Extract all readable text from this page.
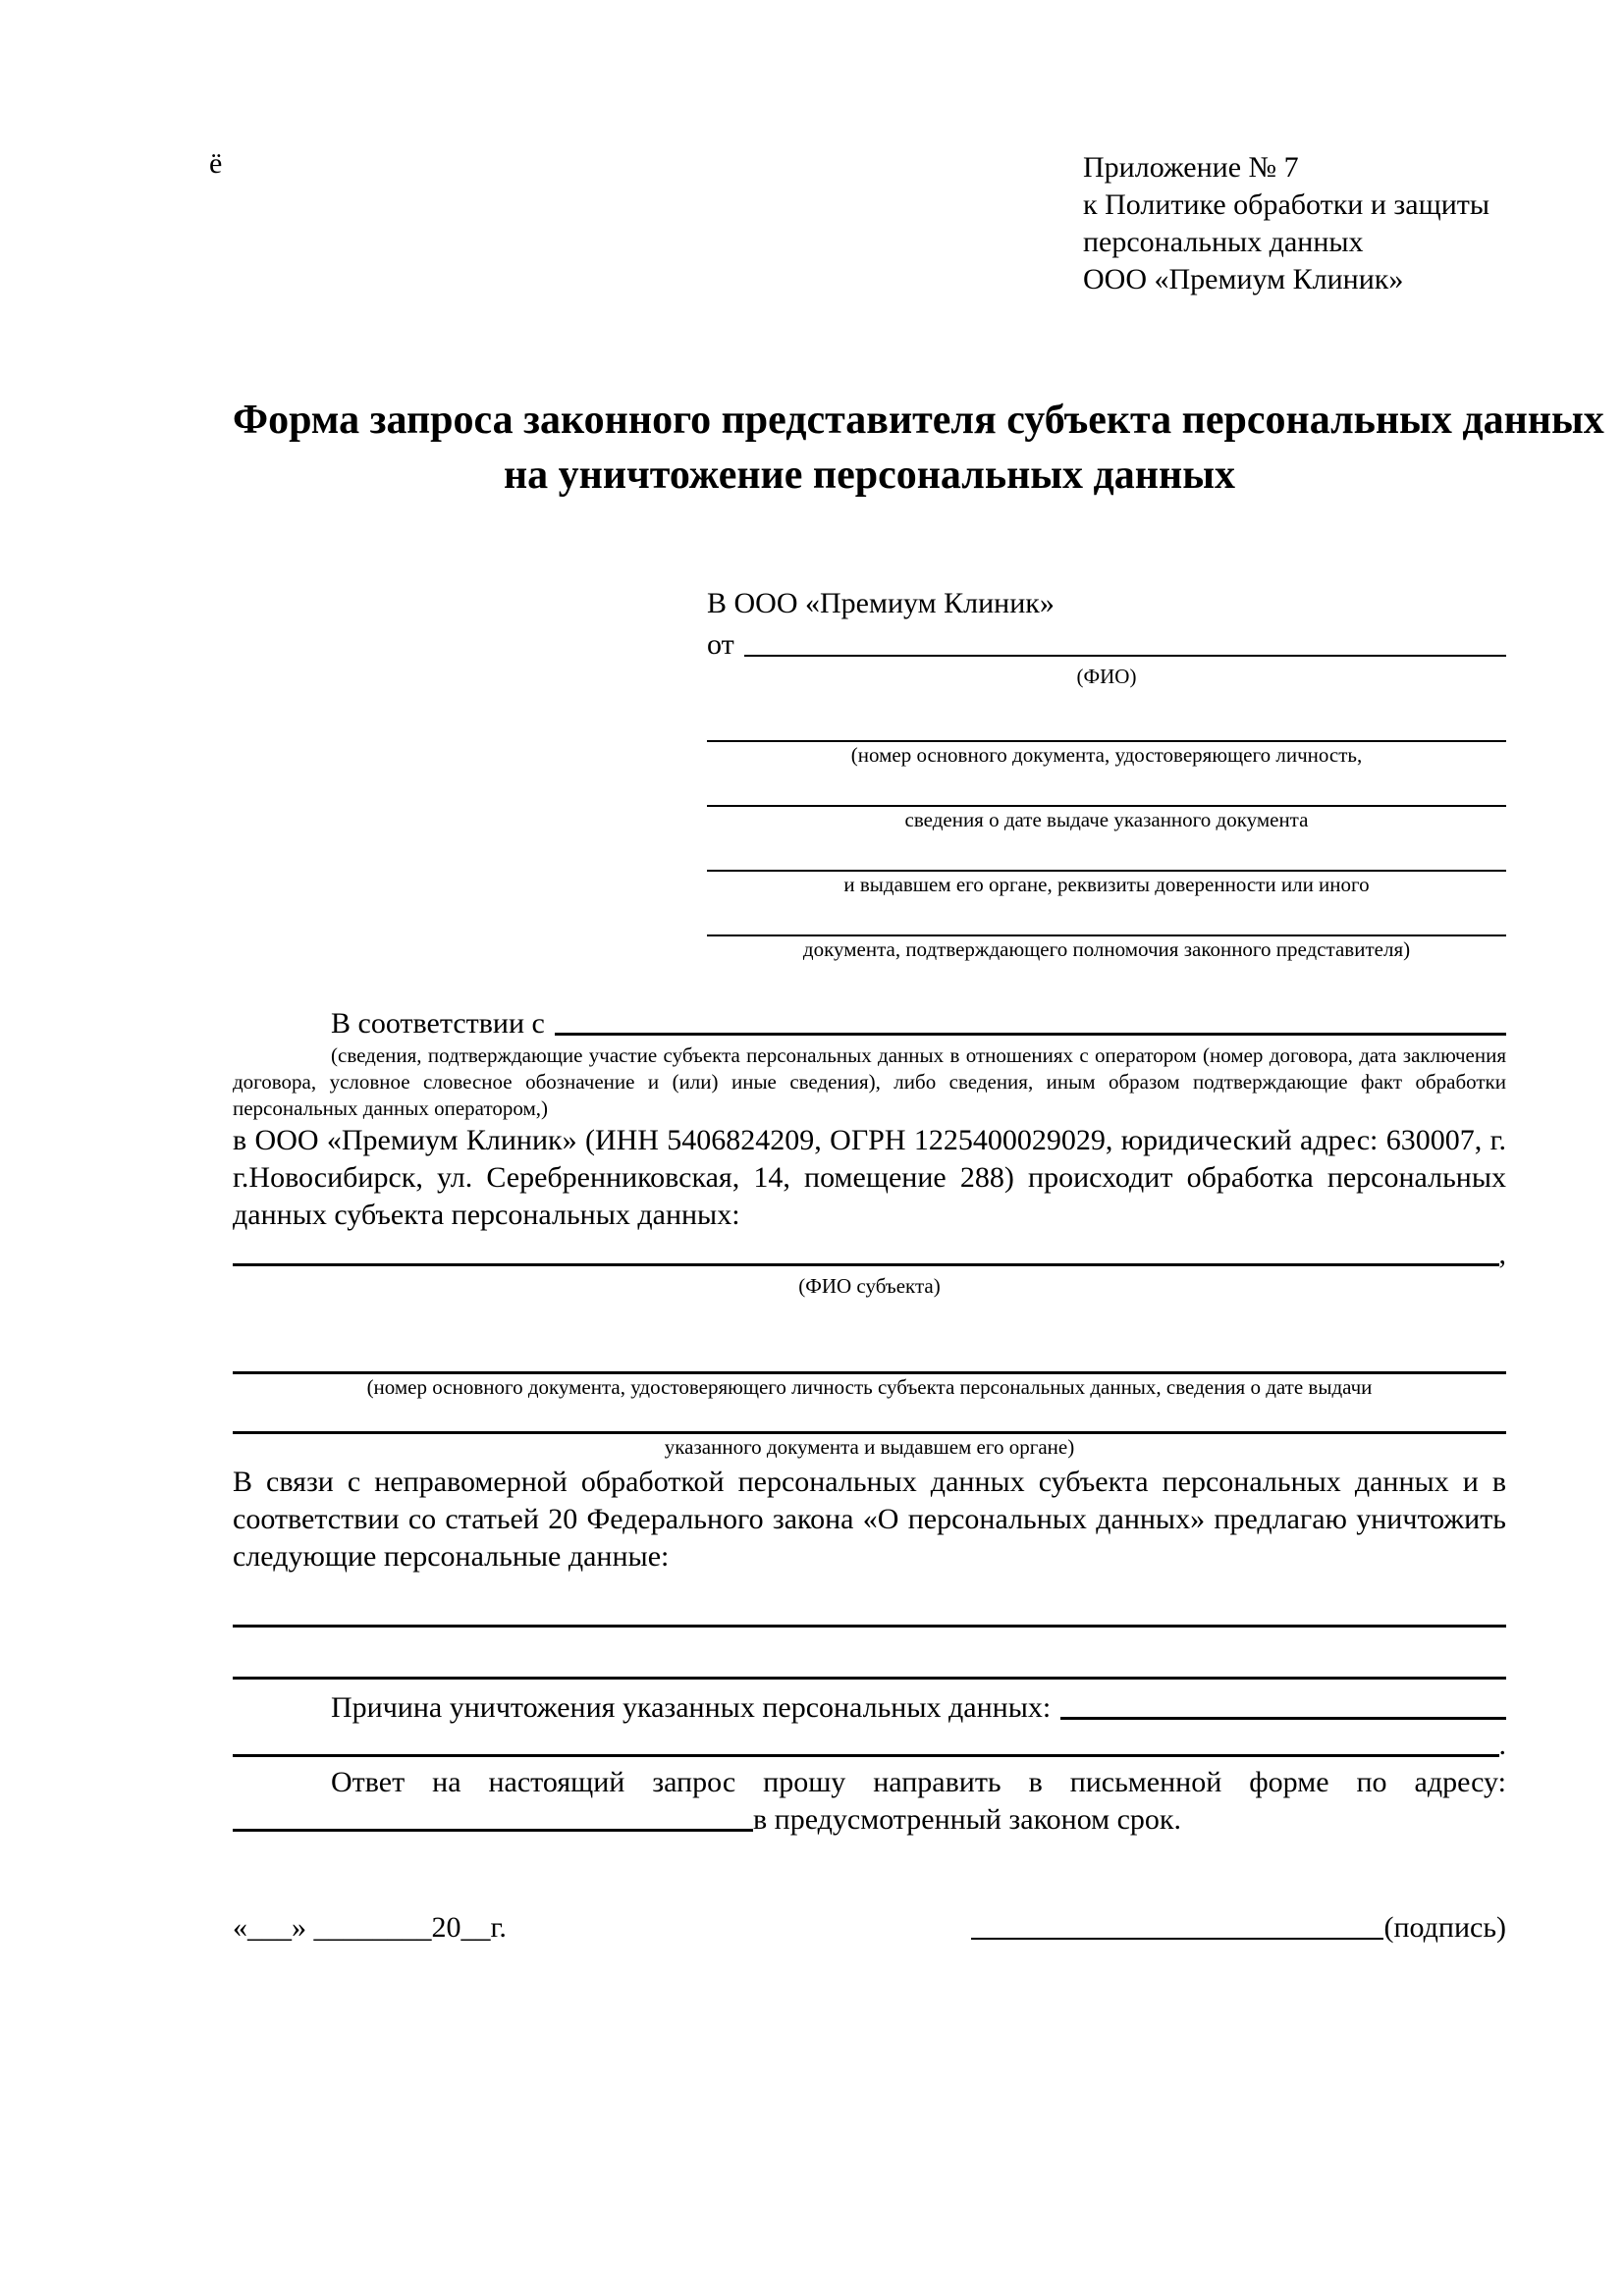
ё	Приложение № 7
к Политике обработки и защиты
персональных данных
ООО «Премиум Клиник»
Форма запроса законного представителя субъекта персональных данных
на уничтожение персональных данных
В ООО «Премиум Клиник»
от
(ФИО)
(номер основного документа, удостоверяющего личность,
сведения о дате выдаче указанного документа
и выдавшем его органе, реквизиты доверенности или иного
документа, подтверждающего полномочия законного представителя)
В соответствии с
(сведения, подтверждающие участие субъекта персональных данных в отношениях с оператором (номер договора, дата заключения договора, условное словесное обозначение и (или) иные сведения), либо сведения, иным образом подтверждающие факт обработки персональных данных оператором,)
в ООО «Премиум Клиник» (ИНН 5406824209, ОГРН 1225400029029, юридический адрес: 630007, г. г.Новосибирск, ул. Серебренниковская, 14, помещение 288) происходит обработка персональных данных субъекта персональных данных:
,
(ФИО субъекта)
(номер основного документа, удостоверяющего личность субъекта персональных данных, сведения о дате выдачи
указанного документа и выдавшем его органе)
В связи с неправомерной обработкой персональных данных субъекта персональных данных и в соответствии со статьей 20 Федерального закона «О персональных данных» предлагаю уничтожить следующие персональные данные:
Причина уничтожения указанных персональных данных:
.
Ответ на настоящий запрос прошу направить в письменной форме по адресу:
в предусмотренный законом срок.
«___» ________20__г.	(подпись)
